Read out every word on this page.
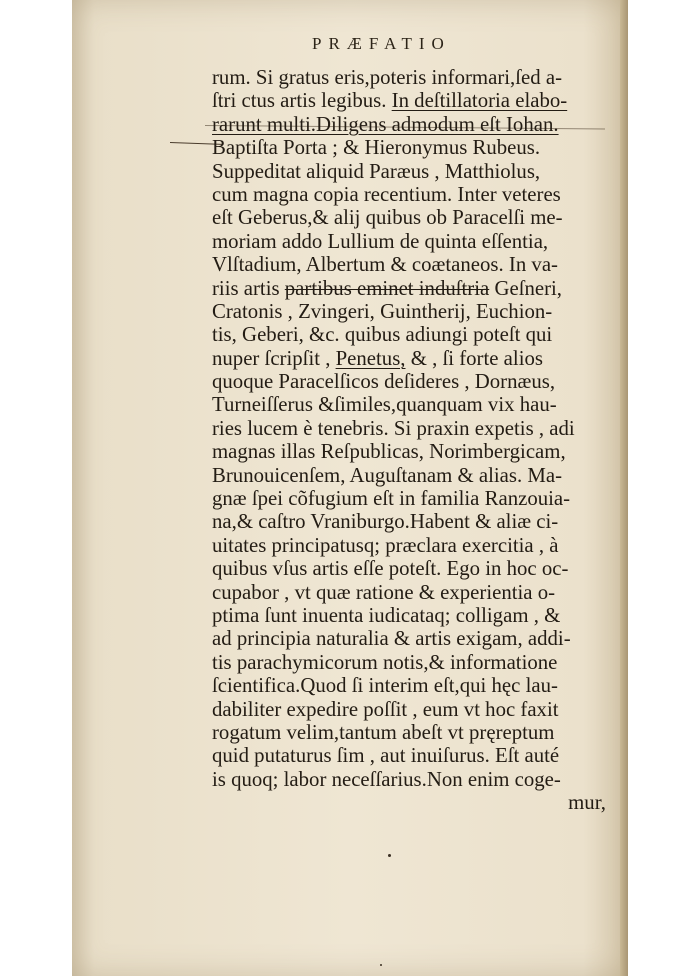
PRÆFATIO
rum. Si gratus eris,poteris informari,ſed a-
ſtri ctus artis legibus. In deſtillatoria elabo-
rarunt multi.Diligens admodum eſt Iohan.
Baptiſta Porta ; & Hieronymus Rubeus.
Suppeditat aliquid Paræus , Matthiolus,
cum magna copia recentium. Inter veteres
eſt Geberus,& alij quibus ob Paracelſi me-
moriam addo Lullium de quinta eſſentia,
Vlſtadium, Albertum & coætaneos. In va-
riis artis partibus eminet induſtria Geſneri,
Cratonis , Zvingeri, Guintherij, Euchion-
tis, Geberi, &c. quibus adiungi poteſt qui
nuper ſcripſit , Penetus, & , ſi forte alios
quoque Paracelſicos deſideres , Dornæus,
Turneiſſerus &ſimiles,quanquam vix hau-
ries lucem è tenebris. Si praxin expetis , adi
magnas illas Reſpublicas, Norimbergicam,
Brunouicenſem, Auguſtanam & alias. Ma-
gnæ ſpei cõfugium eſt in familia Ranzouia-
na,& caſtro Vraniburgo.Habent & aliæ ci-
uitates principatusq; præclara exercitia , à
quibus vſus artis eſſe poteſt. Ego in hoc oc-
cupabor , vt quæ ratione & experientia o-
ptima ſunt inuenta iudicataq; colligam , &
ad principia naturalia & artis exigam, addi-
tis parachymicorum notis,& informatione
ſcientifica.Quod ſi interim eſt,qui hęc lau-
dabiliter expedire poſſit , eum vt hoc faxit
rogatum velim,tantum abeſt vt pręreptum
quid putaturus ſim , aut inuiſurus. Eſt auté
is quoq; labor neceſſarius.Non enim coge-
mur,
